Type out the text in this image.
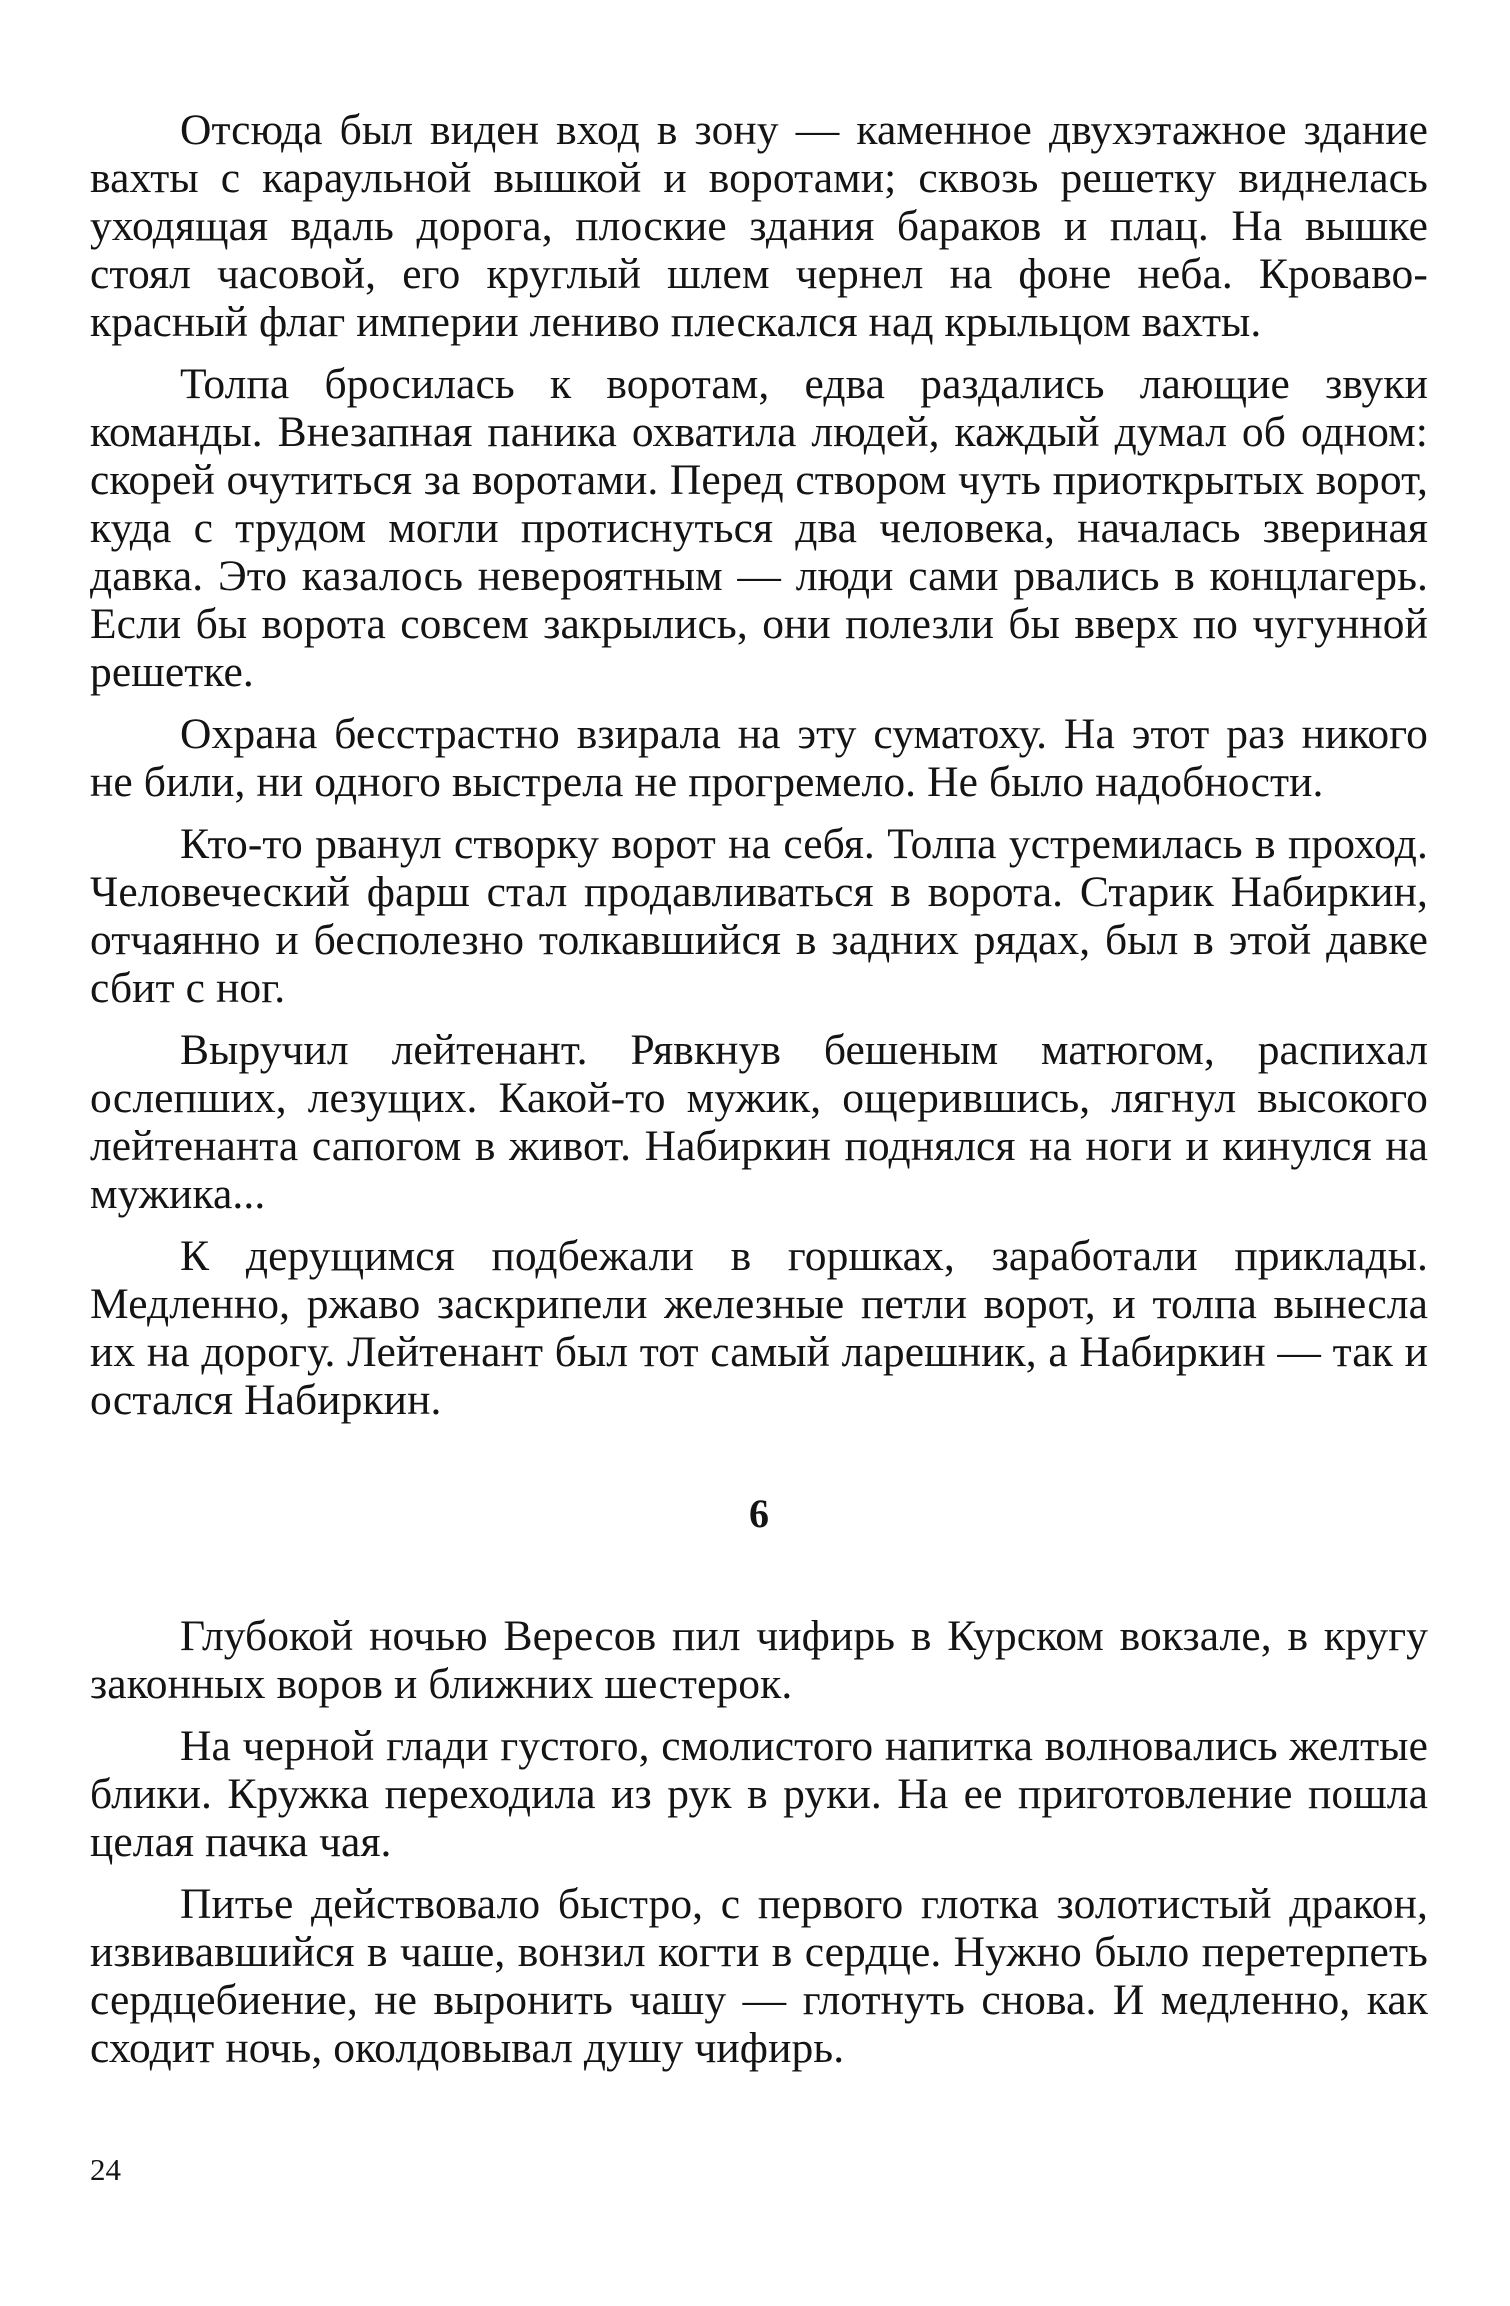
Отсюда был виден вход в зону — каменное двухэтажное здание вахты с караульной вышкой и воротами; сквозь решетку виднелась уходящая вдаль дорога, плоские здания бараков и плац. На вышке стоял часовой, его круглый шлем чернел на фоне неба. Кроваво-красный флаг империи лениво плескался над крыльцом вахты.

Толпа бросилась к воротам, едва раздались лающие звуки команды. Внезапная паника охватила людей, каждый думал об одном: скорей очутиться за воротами. Перед створом чуть приоткрытых ворот, куда с трудом могли протиснуться два человека, началась звериная давка. Это казалось невероятным — люди сами рвались в концлагерь. Если бы ворота совсем закрылись, они полезли бы вверх по чугунной решетке.

Охрана бесстрастно взирала на эту суматоху. На этот раз никого не били, ни одного выстрела не прогремело. Не было надобности.

Кто-то рванул створку ворот на себя. Толпа устремилась в проход. Человеческий фарш стал продавливаться в ворота. Старик Набиркин, отчаянно и бесполезно толкавшийся в задних рядах, был в этой давке сбит с ног.

Выручил лейтенант. Рявкнув бешеным матюгом, распихал ослепших, лезущих. Какой-то мужик, ощерившись, лягнул высокого лейтенанта сапогом в живот. Набиркин поднялся на ноги и кинулся на мужика...

К дерущимся подбежали в горшках, заработали приклады. Медленно, ржаво заскрипели железные петли ворот, и толпа вынесла их на дорогу. Лейтенант был тот самый ларешник, а Набиркин — так и остался Набиркин.

6

Глубокой ночью Вересов пил чифирь в Курском вокзале, в кругу законных воров и ближних шестерок.

На черной глади густого, смолистого напитка волновались желтые блики. Кружка переходила из рук в руки. На ее приготовление пошла целая пачка чая.

Питье действовало быстро, с первого глотка золотистый дракон, извивавшийся в чаше, вонзил когти в сердце. Нужно было перетерпеть сердцебиение, не выронить чашу — глотнуть снова. И медленно, как сходит ночь, околдовывал душу чифирь.

24
